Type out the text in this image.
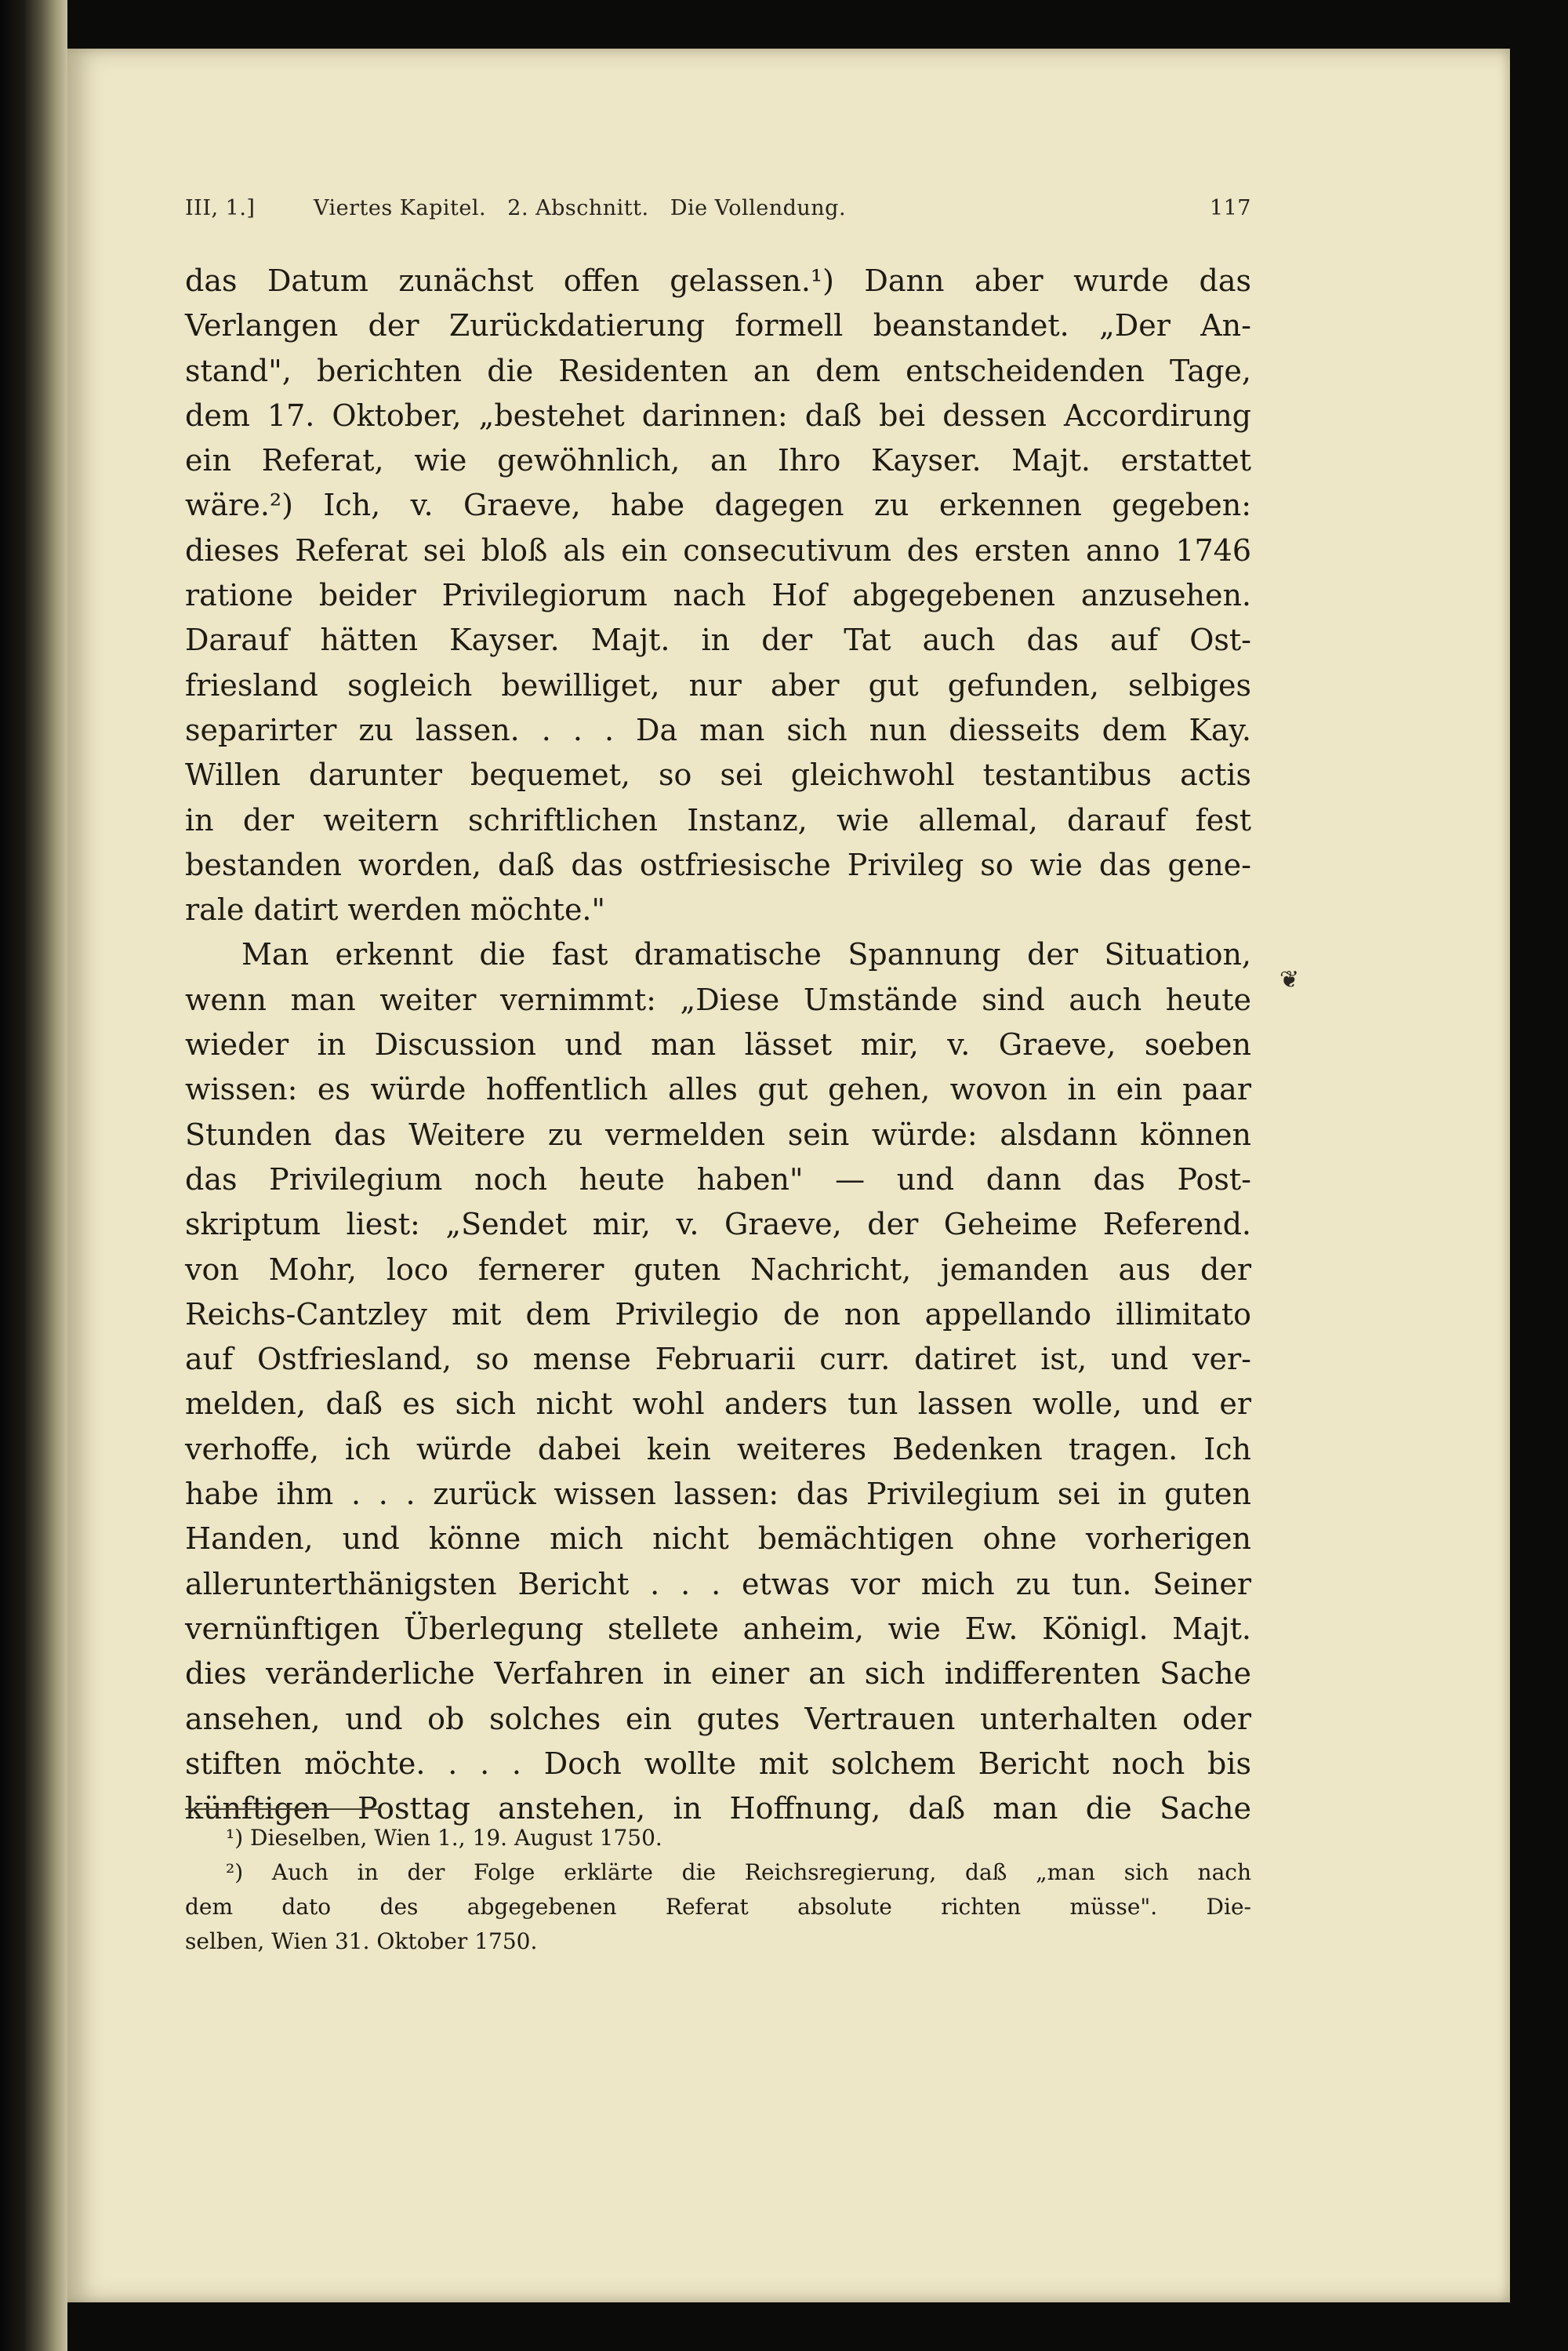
III, 1.]	Viertes Kapitel.   2. Abschnitt.   Die Vollendung.	117
das Datum zunächst offen gelassen.¹) Dann aber wurde das
Verlangen der Zurückdatierung formell beanstandet. „Der An-
stand", berichten die Residenten an dem entscheidenden Tage,
dem 17. Oktober, „bestehet darinnen: daß bei dessen Accordirung
ein Referat, wie gewöhnlich, an Ihro Kayser. Majt. erstattet
wäre.²) Ich, v. Graeve, habe dagegen zu erkennen gegeben:
dieses Referat sei bloß als ein consecutivum des ersten anno 1746
ratione beider Privilegiorum nach Hof abgegebenen anzusehen.
Darauf hätten Kayser. Majt. in der Tat auch das auf Ost-
friesland sogleich bewilliget, nur aber gut gefunden, selbiges
separirter zu lassen. . . . Da man sich nun diesseits dem Kay.
Willen darunter bequemet, so sei gleichwohl testantibus actis
in der weitern schriftlichen Instanz, wie allemal, darauf fest
bestanden worden, daß das ostfriesische Privileg so wie das gene-
rale datirt werden möchte."
Man erkennt die fast dramatische Spannung der Situation,
wenn man weiter vernimmt: „Diese Umstände sind auch heute
wieder in Discussion und man lässet mir, v. Graeve, soeben
wissen: es würde hoffentlich alles gut gehen, wovon in ein paar
Stunden das Weitere zu vermelden sein würde: alsdann können
das Privilegium noch heute haben" — und dann das Post-
skriptum liest: „Sendet mir, v. Graeve, der Geheime Referend.
von Mohr, loco fernerer guten Nachricht, jemanden aus der
Reichs-Cantzley mit dem Privilegio de non appellando illimitato
auf Ostfriesland, so mense Februarii curr. datiret ist, und ver-
melden, daß es sich nicht wohl anders tun lassen wolle, und er
verhoffe, ich würde dabei kein weiteres Bedenken tragen. Ich
habe ihm . . . zurück wissen lassen: das Privilegium sei in guten
Handen, und könne mich nicht bemächtigen ohne vorherigen
allerunterthänigsten Bericht . . . etwas vor mich zu tun. Seiner
vernünftigen Überlegung stellete anheim, wie Ew. Königl. Majt.
dies veränderliche Verfahren in einer an sich indifferenten Sache
ansehen, und ob solches ein gutes Vertrauen unterhalten oder
stiften möchte. . . . Doch wollte mit solchem Bericht noch bis
künftigen Posttag anstehen, in Hoffnung, daß man die Sache
❦
¹) Dieselben, Wien 1., 19. August 1750.
²) Auch in der Folge erklärte die Reichsregierung, daß „man sich nach
dem dato des abgegebenen Referat absolute richten müsse". Die-
selben, Wien 31. Oktober 1750.
